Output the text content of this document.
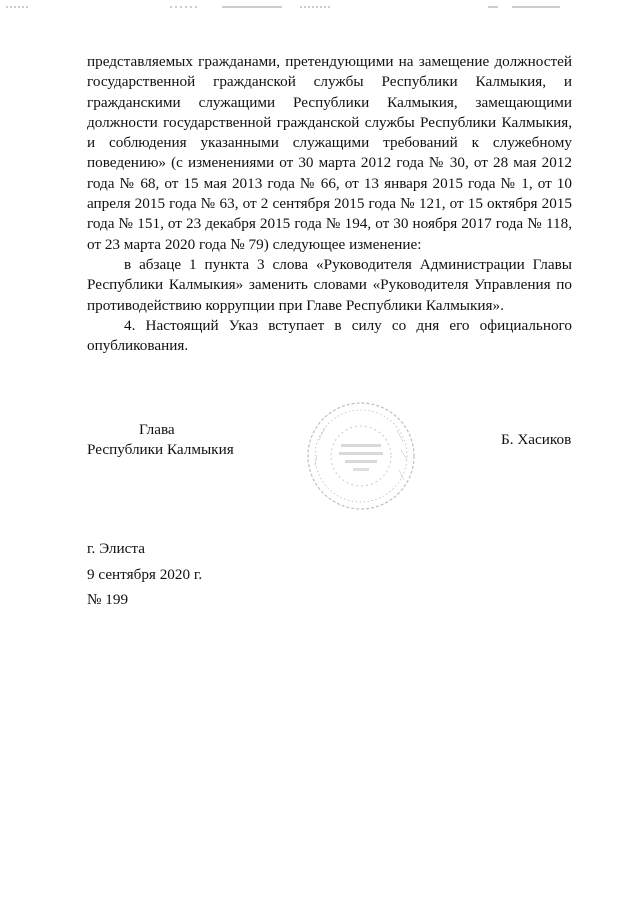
представляемых гражданами, претендующими на замещение должностей государственной гражданской службы Республики Калмыкия, и гражданскими служащими Республики Калмыкия, замещающими должности государственной гражданской службы Республики Калмыкия, и соблюдения указанными служащими требований к служебному поведению» (с изменениями от 30 марта 2012 года № 30, от 28 мая 2012 года № 68, от 15 мая 2013 года № 66, от 13 января 2015 года № 1, от 10 апреля 2015 года № 63, от 2 сентября 2015 года № 121, от 15 октября 2015 года № 151, от 23 декабря 2015 года № 194, от 30 ноября 2017 года № 118, от 23 марта 2020 года № 79) следующее изменение:

в абзаце 1 пункта 3 слова «Руководителя Администрации Главы Республики Калмыкия» заменить словами «Руководителя Управления по противодействию коррупции при Главе Республики Калмыкия».

4. Настоящий Указ вступает в силу со дня его официального опубликования.

Глава
Республики Калмыкия
Б. Хасиков
г. Элиста
9 сентября 2020 г.
№ 199
